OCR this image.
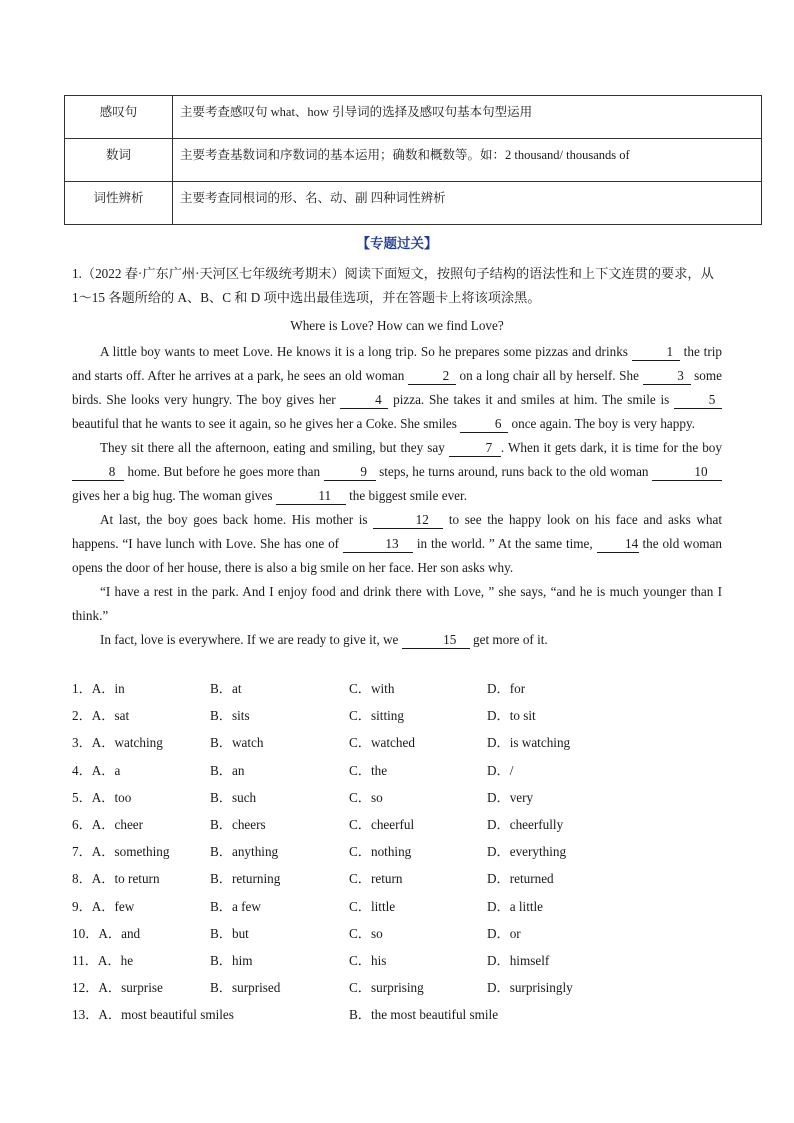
感叹句	主要考查感叹句 what、how 引导词的选择及感叹句基本句型运用
数词	主要考查基数词和序数词的基本运用；确数和概数等。如：2 thousand/ thousands of
词性辨析	主要考查同根词的形、名、动、副 四种词性辨析
【专题过关】
1.（2022 春·广东广州·天河区七年级统考期末）阅读下面短文，按照句子结构的语法性和上下文连贯的要求，从 1～15 各题所给的 A、B、C 和 D 项中选出最佳选项，并在答题卡上将该项涂黑。
Where is Love? How can we find Love?

A little boy wants to meet Love. He knows it is a long trip. So he prepares some pizzas and drinks	1 the trip and starts off. After he arrives at a park, he sees an old woman	2 on a long chair all by herself. She	3 some birds. She looks very hungry. The boy gives her	4 pizza. She takes it and smiles at him. The smile is	5 beautiful that he wants to see it again, so he gives her a Coke. She smiles	6 once again. The boy is very happy.

They sit there all the afternoon, eating and smiling, but they say	7 . When it gets dark, it is time for the boy 8 home. But before he goes more than	9 steps, he turns around, runs back to the old woman	10 gives her a big hug. The woman gives	11 the biggest smile ever.

At last, the boy goes back home. His mother is	12 to see the happy look on his face and asks what happens. “I have lunch with Love. She has one of	13 in the world. ” At the same time, 14 the old woman opens the door of her house, there is also a big smile on her face. Her son asks why.

“I have a rest in the park. And I enjoy food and drink there with Love, ” she says, “and he is much younger than I think.”

In fact, love is everywhere. If we are ready to give it, we	15 get more of it.

1．A．in	B．at	C．with	D．for
2．A．sat	B．sits	C．sitting	D．to sit
3．A．watching	B．watch	C．watched	D．is watching
4．A．a	B．an	C．the	D．/
5．A．too	B．such	C．so	D．very
6．A．cheer	B．cheers	C．cheerful	D．cheerfully
7．A．something	B．anything	C．nothing	D．everything
8．A．to return	B．returning	C．return	D．returned
9．A．few	B．a few	C．little	D．a little
10．A．and	B．but	C．so	D．or
11．A．he	B．him	C．his	D．himself
12．A．surprise	B．surprised	C．surprising	D．surprisingly
13．A．most beautiful smiles	B．the most beautiful smile
